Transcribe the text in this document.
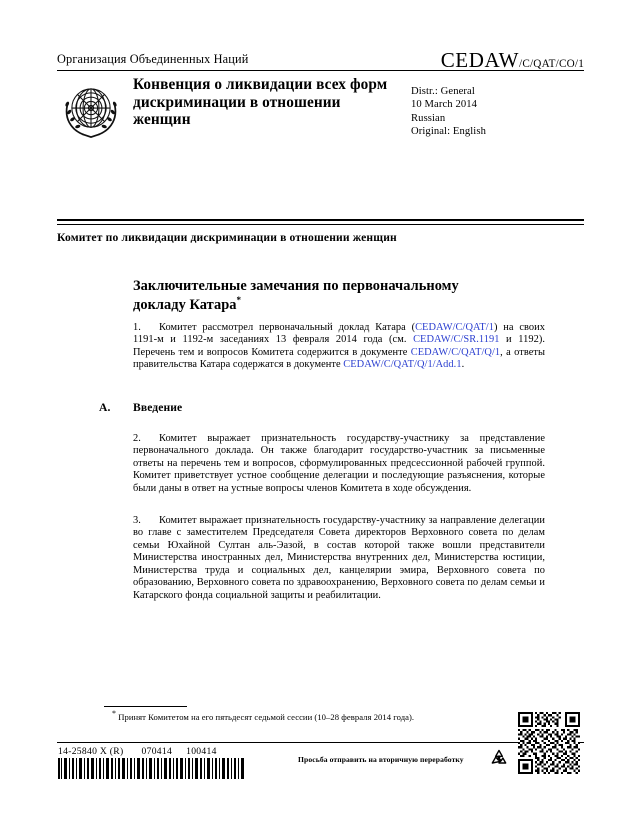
Организация Объединенных Наций	CEDAW/C/QAT/CO/1
Конвенция о ликвидации всех форм дискриминации в отношении женщин
Distr.: General
10 March 2014
Russian
Original: English
Комитет по ликвидации дискриминации в отношении женщин
Заключительные замечания по первоначальному докладу Катара*
1. Комитет рассмотрел первоначальный доклад Катара (CEDAW/C/QAT/1) на своих 1191-м и 1192-м заседаниях 13 февраля 2014 года (см. CEDAW/C/SR.1191 и 1192). Перечень тем и вопросов Комитета содержится в документе CEDAW/C/QAT/Q/1, а ответы правительства Катара содержатся в документе CEDAW/C/QAT/Q/1/Add.1.
A. Введение
2. Комитет выражает признательность государству-участнику за представление первоначального доклада. Он также благодарит государство-участник за письменные ответы на перечень тем и вопросов, сформулированных предсессионной рабочей группой. Комитет приветствует устное сообщение делегации и последующие разъяснения, которые были даны в ответ на устные вопросы членов Комитета в ходе обсуждения.
3. Комитет выражает признательность государству-участнику за направление делегации во главе с заместителем Председателя Совета директоров Верховного совета по делам семьи Юхайной Султан аль-Эазой, в состав которой также вошли представители Министерства иностранных дел, Министерства внутренних дел, Министерства юстиции, Министерства труда и социальных дел, канцелярии эмира, Верховного совета по образованию, Верховного совета по здравоохранению, Верховного совета по делам семьи и Катарского фонда социальной защиты и реабилитации.
* Принят Комитетом на его пятьдесят седьмой сессии (10–28 февраля 2014 года).
14-25840 X (R) 070414 100414
Просьба отправить на вторичную переработку
